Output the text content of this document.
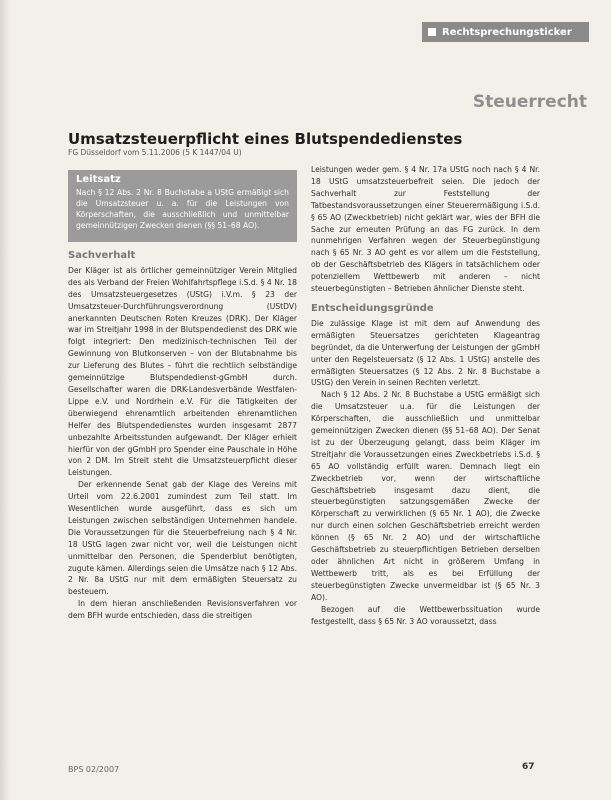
Rechtsprechungsticker
Steuerrecht
Umsatzsteuerpflicht eines Blutspendedienstes
FG Düsseldorf vom 5.11.2006 (5 K 1447/04 U)
Leitsatz
Nach § 12 Abs. 2 Nr. 8 Buchstabe a UStG ermäßigt sich die Umsatzsteuer u. a. für die Leistungen von Körperschaften, die ausschließlich und unmittelbar gemeinnützigen Zwecken dienen (§§ 51–68 AO).
Sachverhalt

Der Kläger ist als örtlicher gemeinnütziger Verein Mitglied des als Verband der Freien Wohlfahrtspflege i.S.d. § 4 Nr. 18 des Umsatzsteuergesetzes (UStG) i.V.m. § 23 der Umsatzsteuer-Durchführungsverordnung (UStDV) anerkannten Deutschen Roten Kreuzes (DRK). Der Kläger war im Streitjahr 1998 in der Blutspendedienst des DRK wie folgt integriert: Den medizinisch-technischen Teil der Gewinnung von Blutkonserven – von der Blutabnahme bis zur Lieferung des Blutes – führt die rechtlich selbständige gemeinnützige Blutspendedienst-gGmbH durch. Gesellschafter waren die DRK-Landesverbände Westfalen-Lippe e.V. und Nordrhein e.V. Für die Tätigkeiten der überwiegend ehrenamtlich arbeitenden ehrenamtlichen Helfer des Blutspendedienstes wurden insgesamt 2877 unbezahlte Arbeitsstunden aufgewandt. Der Kläger erhielt hierfür von der gGmbH pro Spender eine Pauschale in Höhe von 2 DM. Im Streit steht die Umsatzsteuerpflicht dieser Leistungen.

Der erkennende Senat gab der Klage des Vereins mit Urteil vom 22.6.2001 zumindest zum Teil statt. Im Wesentlichen wurde ausgeführt, dass es sich um Leistungen zwischen selbständigen Unternehmen handele. Die Voraussetzungen für die Steuerbefreiung nach § 4 Nr. 18 UStG lagen zwar nicht vor, weil die Leistungen nicht unmittelbar den Personen, die Spenderblut benötigten, zugute kämen. Allerdings seien die Umsätze nach § 12 Abs. 2 Nr. 8a UStG nur mit dem ermäßigten Steuersatz zu besteuern.

In dem hieran anschließenden Revisionsverfahren vor dem BFH wurde entschieden, dass die streitigen

Leistungen weder gem. § 4 Nr. 17a UStG noch nach § 4 Nr. 18 UStG umsatzsteuerbefreit seien. Die jedoch der Sachverhalt zur Feststellung der Tatbestandsvoraussetzungen einer Steuerermäßigung i.S.d. § 65 AO (Zweckbetrieb) nicht geklärt war, wies der BFH die Sache zur erneuten Prüfung an das FG zurück. In dem nunmehrigen Verfahren wegen der Steuerbegünstigung nach § 65 Nr. 3 AO geht es vor allem um die Feststellung, ob der Geschäftsbetrieb des Klägers in tatsächlichem oder potenziellem Wettbewerb mit anderen – nicht steuerbegünstigten – Betrieben ähnlicher Dienste steht.

Entscheidungsgründe

Die zulässige Klage ist mit dem auf Anwendung des ermäßigten Steuersatzes gerichteten Klageantrag begründet, da die Unterwerfung der Leistungen der gGmbH unter den Regelsteuersatz (§ 12 Abs. 1 UStG) anstelle des ermäßigten Steuersatzes (§ 12 Abs. 2 Nr. 8 Buchstabe a UStG) den Verein in seinen Rechten verletzt.

Nach § 12 Abs. 2 Nr. 8 Buchstabe a UStG ermäßigt sich die Umsatzsteuer u.a. für die Leistungen der Körperschaften, die ausschließlich und unmittelbar gemeinnützigen Zwecken dienen (§§ 51–68 AO). Der Senat ist zu der Überzeugung gelangt, dass beim Kläger im Streitjahr die Voraussetzungen eines Zweckbetriebs i.S.d. § 65 AO vollständig erfüllt waren. Demnach liegt ein Zweckbetrieb vor, wenn der wirtschaftliche Geschäftsbetrieb insgesamt dazu dient, die steuerbegünstigten satzungsgemäßen Zwecke der Körperschaft zu verwirklichen (§ 65 Nr. 1 AO), die Zwecke nur durch einen solchen Geschäftsbetrieb erreicht werden können (§ 65 Nr. 2 AO) und der wirtschaftliche Geschäftsbetrieb zu steuerpflichtigen Betrieben derselben oder ähnlichen Art nicht in größerem Umfang in Wettbewerb tritt, als es bei Erfüllung der steuerbegünstigten Zwecke unvermeidbar ist (§ 65 Nr. 3 AO).

Bezogen auf die Wettbewerbssituation wurde festgestellt, dass § 65 Nr. 3 AO voraussetzt, dass

BPS 02/2007	67
